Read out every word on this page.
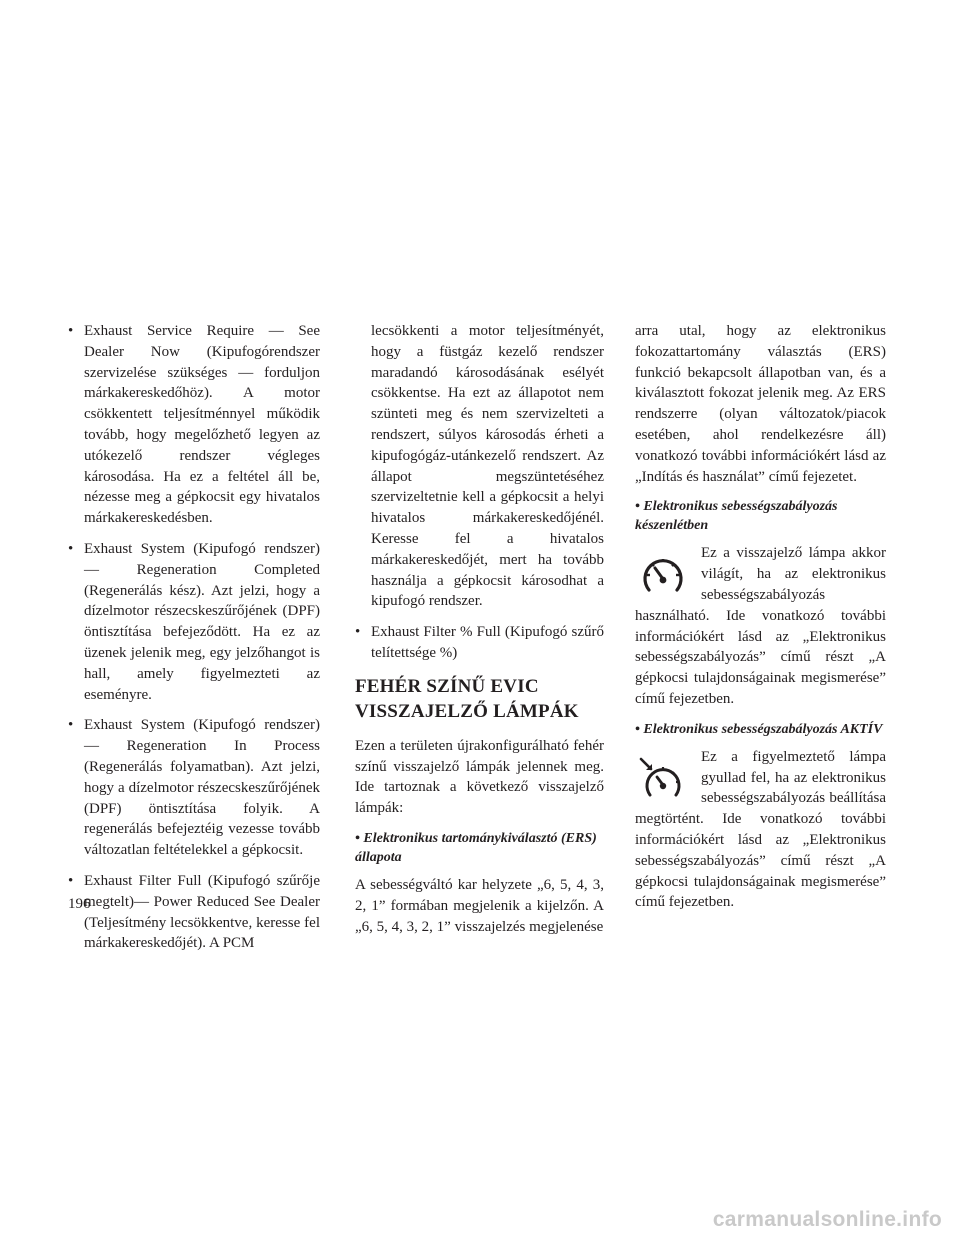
• Exhaust Service Require — See Dealer Now (Kipufogórendszer szervizelése szükséges — forduljon márkakereskedőhöz). A motor csökkentett teljesítménnyel működik tovább, hogy megelőzhető legyen az utókezelő rendszer végleges károsodása. Ha ez a feltétel áll be, nézesse meg a gépkocsit egy hivatalos márkakereskedésben.
• Exhaust System (Kipufogó rendszer) — Regeneration Completed (Regenerálás kész). Azt jelzi, hogy a dízelmotor részecskeszűrőjének (DPF) öntisztítása befejeződött. Ha ez az üzenek jelenik meg, egy jelzőhangot is hall, amely figyelmezteti az eseményre.
• Exhaust System (Kipufogó rendszer) — Regeneration In Process (Regenerálás folyamatban). Azt jelzi, hogy a dízelmotor részecskeszűrőjének (DPF) öntisztítása folyik. A regenerálás befejeztéig vezesse tovább változatlan feltételekkel a gépkocsit.
• Exhaust Filter Full (Kipufogó szűrője megtelt)— Power Reduced See Dealer (Teljesítmény lecsökkentve, keresse fel márkakereskedőjét). A PCM
lecsökkenti a motor teljesítményét, hogy a füstgáz kezelő rendszer maradandó károsodásának esélyét csökkentse. Ha ezt az állapotot nem szünteti meg és nem szervizelteti a rendszert, súlyos károsodás érheti a kipufogógáz-utánkezelő rendszert. Az állapot megszüntetéséhez szervizeltetnie kell a gépkocsit a helyi hivatalos márkakereskedőjénél. Keresse fel a hivatalos márkakereskedőjét, mert ha tovább használja a gépkocsit károsodhat a kipufogó rendszer.
• Exhaust Filter % Full (Kipufogó szűrő telítettsége %)
FEHÉR SZÍNŰ EVIC VISSZAJELZŐ LÁMPÁK
Ezen a területen újrakonfigurálható fehér színű visszajelző lámpák jelennek meg. Ide tartoznak a következő visszajelző lámpák:
• Elektronikus tartománykiválasztó (ERS) állapota
A sebességváltó kar helyzete „6, 5, 4, 3, 2, 1” formában megjelenik a kijelzőn. A „6, 5, 4, 3, 2, 1” visszajelzés megjelenése
arra utal, hogy az elektronikus fokozattartomány választás (ERS) funkció bekapcsolt állapotban van, és a kiválasztott fokozat jelenik meg. Az ERS rendszerre (olyan változatok/piacok esetében, ahol rendelkezésre áll) vonatkozó további információkért lásd az „Indítás és használat” című fejezetet.
• Elektronikus sebességszabályozás készenlétben
Ez a visszajelző lámpa akkor világít, ha az elektronikus sebességszabályozás használható. Ide vonatkozó további információkért lásd az „Elektronikus sebességszabályozás” című részt „A gépkocsi tulajdonságainak megismerése” című fejezetben.
• Elektronikus sebességszabályozás AKTÍV
Ez a figyelmeztető lámpa gyullad fel, ha az elektronikus sebességszabályozás beállítása megtörtént. Ide vonatkozó további információkért lásd az „Elektronikus sebességszabályozás” című részt „A gépkocsi tulajdonságainak megismerése” című fejezetben.
196
carmanualsonline.info
